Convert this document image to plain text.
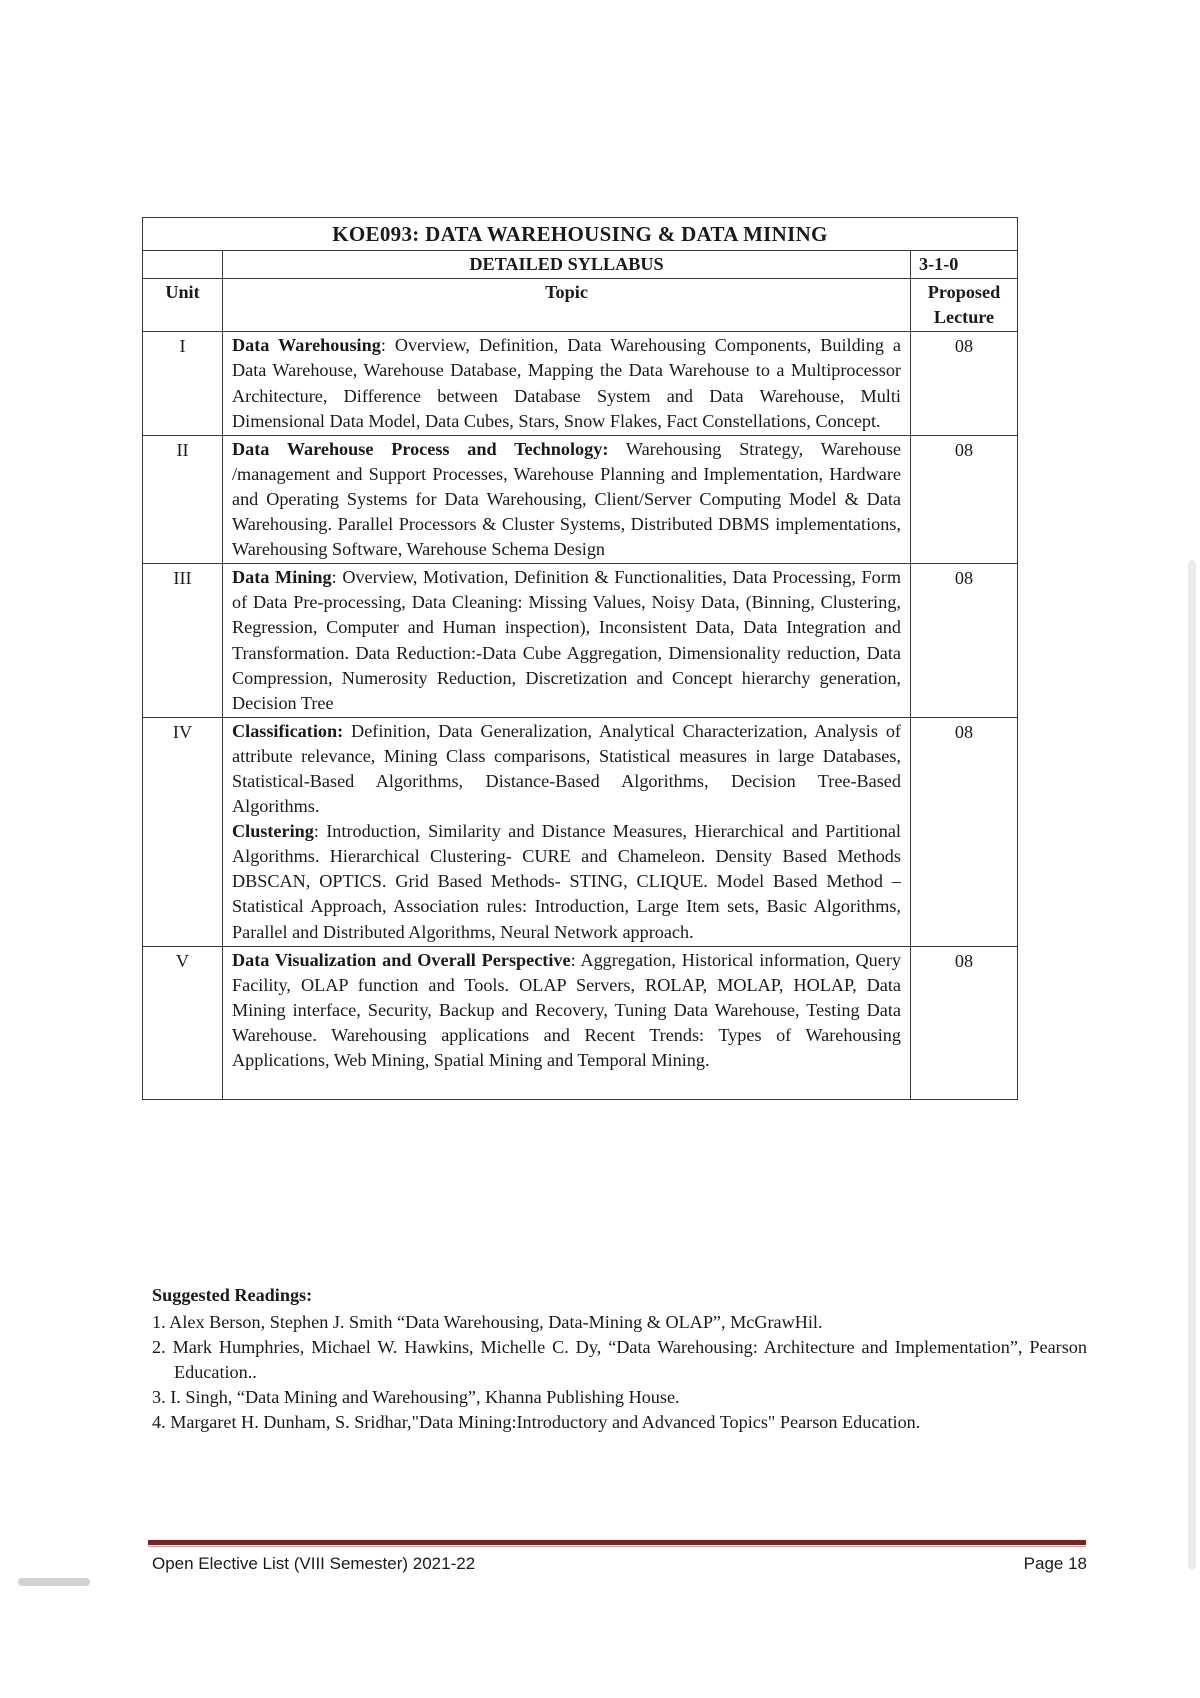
KOE093: DATA WAREHOUSING & DATA MINING		
	DETAILED SYLLABUS	3-1-0
Unit	Topic	Proposed
Lecture

I	Data Warehousing: Overview, Definition, Data Warehousing Components, Building a Data Warehouse, Warehouse Database, Mapping the Data Warehouse to a Multiprocessor Architecture, Difference between Database System and Data Warehouse, Multi Dimensional Data Model, Data Cubes, Stars, Snow Flakes, Fact Constellations, Concept.	08
II	Data Warehouse Process and Technology: Warehousing Strategy, Warehouse /management and Support Processes, Warehouse Planning and Implementation, Hardware and Operating Systems for Data Warehousing, Client/Server Computing Model & Data Warehousing. Parallel Processors & Cluster Systems, Distributed DBMS implementations, Warehousing Software, Warehouse Schema Design	08
III	Data Mining: Overview, Motivation, Definition & Functionalities, Data Processing, Form of Data Pre-processing, Data Cleaning: Missing Values, Noisy Data, (Binning, Clustering, Regression, Computer and Human inspection), Inconsistent Data, Data Integration and Transformation. Data Reduction:-Data Cube Aggregation, Dimensionality reduction, Data Compression, Numerosity Reduction, Discretization and Concept hierarchy generation, Decision Tree	08
IV	Classification: Definition, Data Generalization, Analytical Characterization, Analysis of attribute relevance, Mining Class comparisons, Statistical measures in large Databases, Statistical-Based Algorithms, Distance-Based Algorithms, Decision Tree-Based Algorithms.
Clustering: Introduction, Similarity and Distance Measures, Hierarchical and Partitional Algorithms. Hierarchical Clustering- CURE and Chameleon. Density Based Methods DBSCAN, OPTICS. Grid Based Methods- STING, CLIQUE. Model Based Method – Statistical Approach, Association rules: Introduction, Large Item sets, Basic Algorithms, Parallel and Distributed Algorithms, Neural Network approach.	08
V	Data Visualization and Overall Perspective: Aggregation, Historical information, Query Facility, OLAP function and Tools. OLAP Servers, ROLAP, MOLAP, HOLAP, Data Mining interface, Security, Backup and Recovery, Tuning Data Warehouse, Testing Data Warehouse. Warehousing applications and Recent Trends: Types of Warehousing Applications, Web Mining, Spatial Mining and Temporal Mining.	08
Suggested Readings:
1. Alex Berson, Stephen J. Smith “Data Warehousing, Data-Mining & OLAP”, McGrawHil.
2. Mark Humphries, Michael W. Hawkins, Michelle C. Dy, “Data Warehousing: Architecture and Implementation”, Pearson Education..
3. I. Singh, “Data Mining and Warehousing”, Khanna Publishing House.
4. Margaret H. Dunham, S. Sridhar,"Data Mining:Introductory and Advanced Topics" Pearson Education.
Open Elective List (VIII Semester) 2021-22	Page 18
